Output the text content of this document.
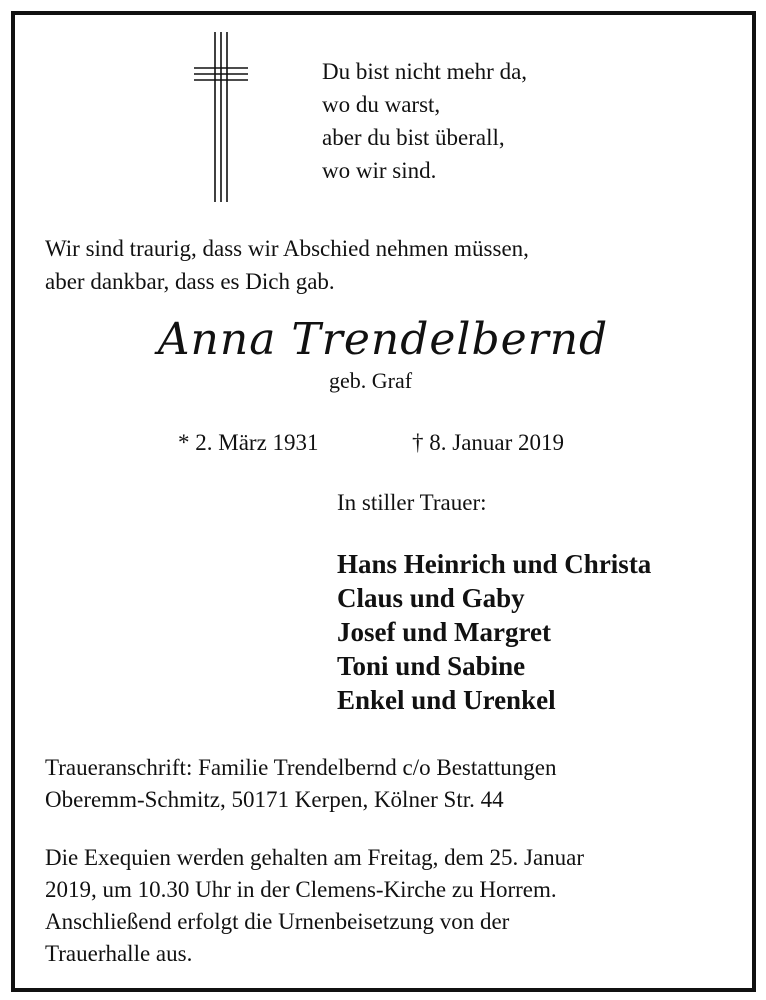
Du bist nicht mehr da,
wo du warst,
aber du bist überall,
wo wir sind.
Wir sind traurig, dass wir Abschied nehmen müssen,
aber dankbar, dass es Dich gab.
Anna Trendelbernd
geb. Graf
* 2. März 1931	† 8. Januar 2019
In stiller Trauer:
Hans Heinrich und Christa
Claus und Gaby
Josef und Margret
Toni und Sabine
Enkel und Urenkel
Traueranschrift: Familie Trendelbernd c/o Bestattungen
Oberemm-Schmitz, 50171 Kerpen, Kölner Str. 44
Die Exequien werden gehalten am Freitag, dem 25. Januar
2019, um 10.30 Uhr in der Clemens-Kirche zu Horrem.
Anschließend erfolgt die Urnenbeisetzung von der
Trauerhalle aus.
